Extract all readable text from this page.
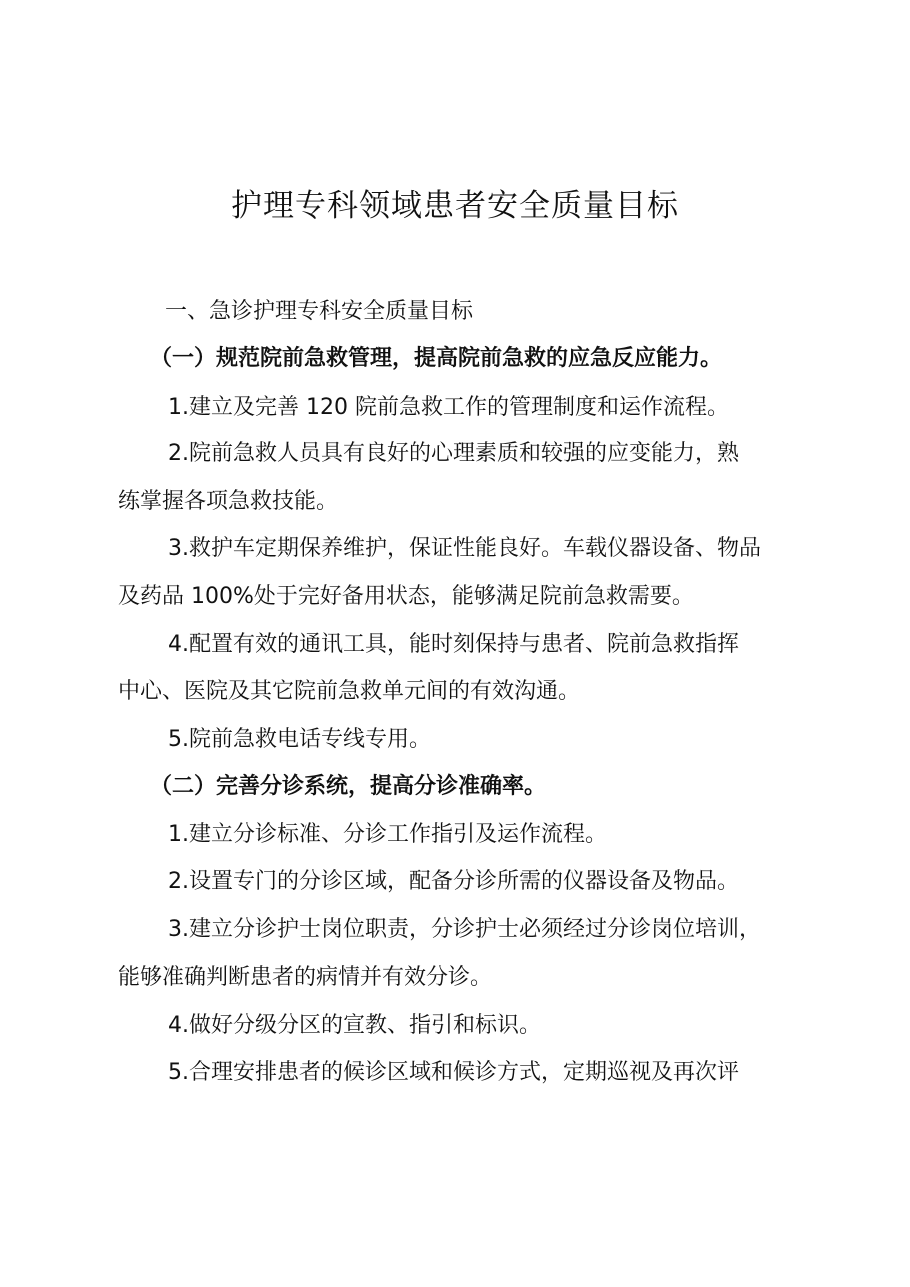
护理专科领域患者安全质量目标
一、急诊护理专科安全质量目标
（一）规范院前急救管理，提高院前急救的应急反应能力。
1.建立及完善 120 院前急救工作的管理制度和运作流程。
2.院前急救人员具有良好的心理素质和较强的应变能力，熟
练掌握各项急救技能。
3.救护车定期保养维护，保证性能良好。车载仪器设备、物品
及药品 100%处于完好备用状态，能够满足院前急救需要。
4.配置有效的通讯工具，能时刻保持与患者、院前急救指挥
中心、医院及其它院前急救单元间的有效沟通。
5.院前急救电话专线专用。
（二）完善分诊系统，提高分诊准确率。
1.建立分诊标准、分诊工作指引及运作流程。
2.设置专门的分诊区域，配备分诊所需的仪器设备及物品。
3.建立分诊护士岗位职责，分诊护士必须经过分诊岗位培训，
能够准确判断患者的病情并有效分诊。
4.做好分级分区的宣教、指引和标识。
5.合理安排患者的候诊区域和候诊方式，定期巡视及再次评
